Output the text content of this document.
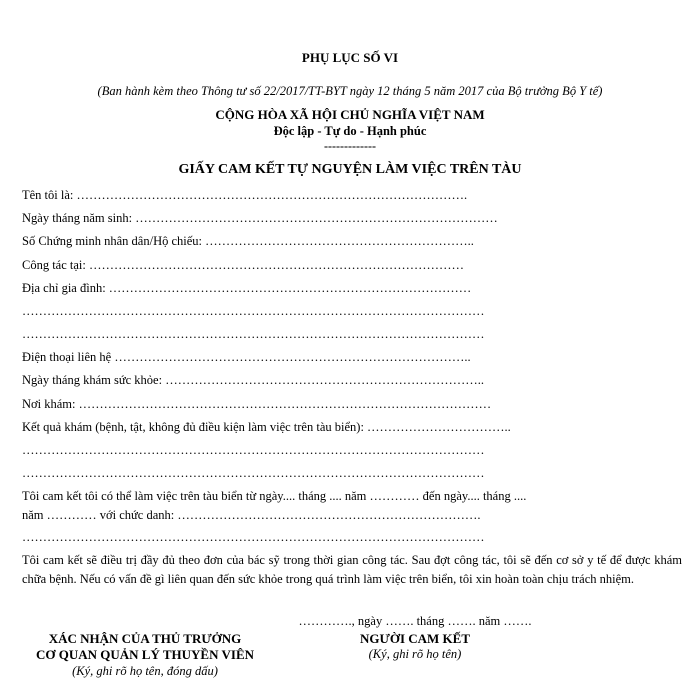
PHỤ LỤC SỐ VI
(Ban hành kèm theo Thông tư số 22/2017/TT-BYT ngày 12 tháng 5 năm 2017 của Bộ trưởng Bộ Y tế)
CỘNG HÒA XÃ HỘI CHỦ NGHĨA VIỆT NAM
Độc lập - Tự do - Hạnh phúc
-------------
GIẤY CAM KẾT TỰ NGUYỆN LÀM VIỆC TRÊN TÀU
Tên tôi là: ………………………………………………………………………………….
Ngày tháng năm sinh: ……………………………………………………………………………
Số Chứng minh nhân dân/Hộ chiếu: ………………………………………………………..
Công tác tại: ………………………………………………………………………………
Địa chỉ gia đình: ……………………………………………………………………………
…………………………………………………………………………………………………
…………………………………………………………………………………………………
Điện thoại liên hệ …………………………………………………………………………..
Ngày tháng khám sức khỏe: …………………………………………………………………..
Nơi khám: ………………………………………………………………………………………
Kết quả khám (bệnh, tật, không đủ điều kiện làm việc trên tàu biển): ……………………………..
…………………………………………………………………………………………………
…………………………………………………………………………………………………
Tôi cam kết tôi có thể làm việc trên tàu biển từ ngày.... tháng .... năm ………… đến ngày.... tháng ....
năm ………… với chức danh: ……………………………………………………………….
…………………………………………………………………………………………………
Tôi cam kết sẽ điều trị đầy đủ theo đơn của bác sỹ trong thời gian công tác. Sau đợt công tác, tôi sẽ đến cơ sở y tế để được khám chữa bệnh. Nếu có vấn đề gì liên quan đến sức khỏe trong quá trình làm việc trên biển, tôi xin hoàn toàn chịu trách nhiệm.
…………., ngày ……. tháng ……. năm …….
XÁC NHẬN CỦA THỦ TRƯỞNG
CƠ QUAN QUẢN LÝ THUYỀN VIÊN
(Ký, ghi rõ họ tên, đóng dấu)
NGƯỜI CAM KẾT
(Ký, ghi rõ họ tên)
